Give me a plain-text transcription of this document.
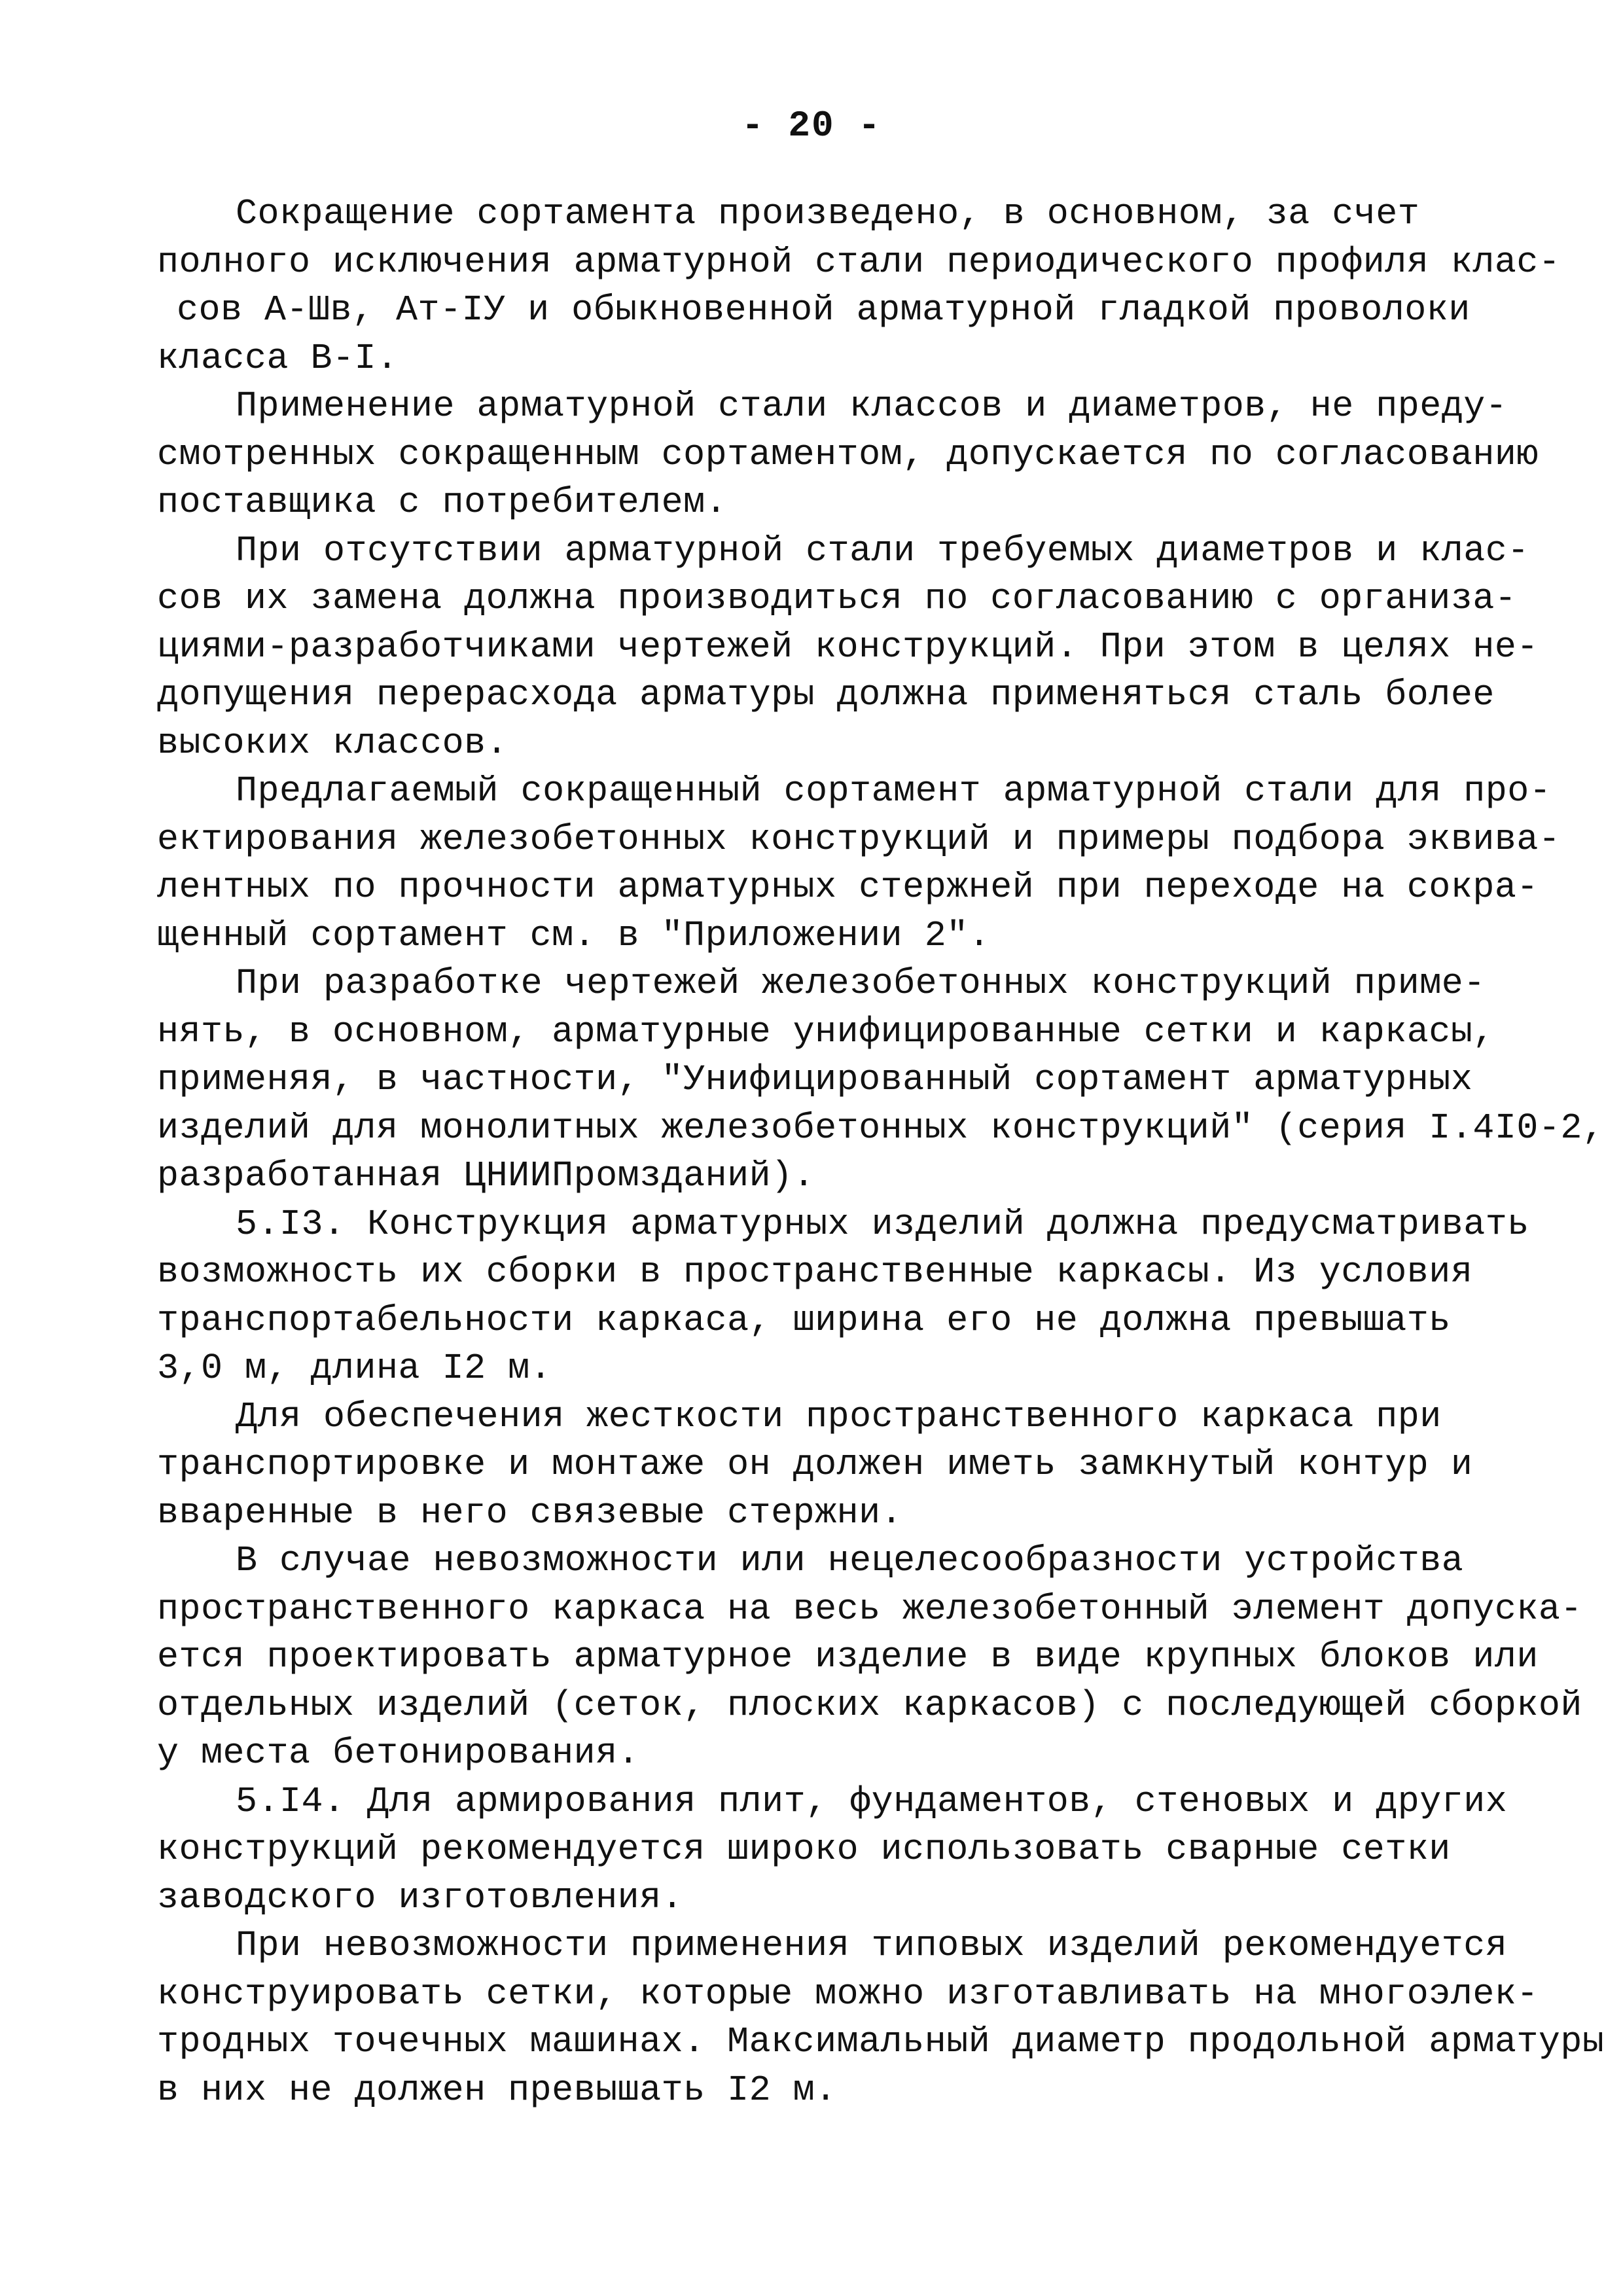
- 20 -
Сокращение сортамента произведено, в основном, за счет
полного исключения арматурной стали периодического профиля клас-
сов А-Шв, Ат-IУ и обыкновенной арматурной гладкой проволоки
класса В-I.
Применение арматурной стали классов и диаметров, не преду-
смотренных сокращенным сортаментом, допускается по согласованию
поставщика с потребителем.
При отсутствии арматурной стали требуемых диаметров и клас-
сов их замена должна производиться по согласованию с организа-
циями-разработчиками чертежей конструкций. При этом в целях не-
допущения перерасхода арматуры должна применяться сталь более
высоких классов.
Предлагаемый сокращенный сортамент арматурной стали для про-
ектирования железобетонных конструкций и примеры подбора эквива-
лентных по прочности арматурных стержней при переходе на сокра-
щенный сортамент см. в "Приложении 2".
При разработке чертежей железобетонных конструкций приме-
нять, в основном, арматурные унифицированные сетки и каркасы,
применяя, в частности, "Унифицированный сортамент арматурных
изделий для монолитных железобетонных конструкций" (серия I.4I0-2,
разработанная ЦНИИПромзданий).
5.I3. Конструкция арматурных изделий должна предусматривать
возможность их сборки в пространственные каркасы. Из условия
транспортабельности каркаса, ширина его не должна превышать
3,0 м, длина I2 м.
Для обеспечения жесткости пространственного каркаса при
транспортировке и монтаже он должен иметь замкнутый контур и
вваренные в него связевые стержни.
В случае невозможности или нецелесообразности устройства
пространственного каркаса на весь железобетонный элемент допуска-
ется проектировать арматурное изделие в виде крупных блоков или
отдельных изделий (сеток, плоских каркасов) с последующей сборкой
у места бетонирования.
5.I4. Для армирования плит, фундаментов, стеновых и других
конструкций рекомендуется широко использовать сварные сетки
заводского изготовления.
При невозможности применения типовых изделий рекомендуется
конструировать сетки, которые можно изготавливать на многоэлек-
тродных точечных машинах. Максимальный диаметр продольной арматуры
в них не должен превышать I2 м.
